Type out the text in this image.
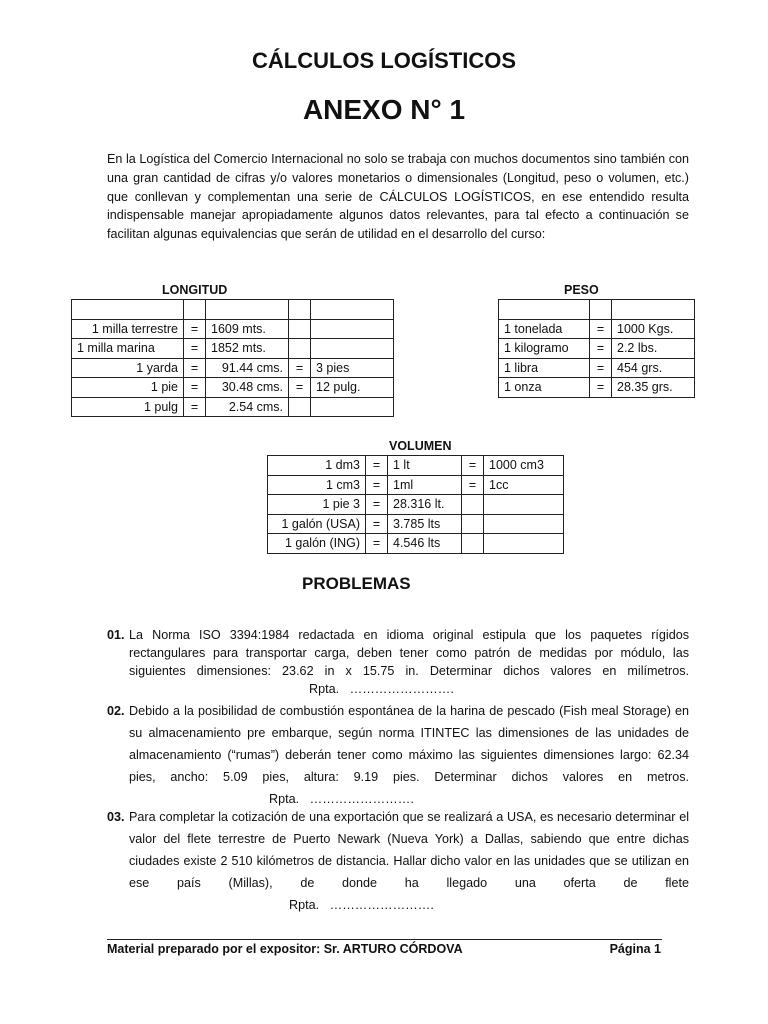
CÁLCULOS LOGÍSTICOS
ANEXO N° 1

En la Logística del Comercio Internacional no solo se trabaja con muchos documentos sino también con una gran cantidad de cifras y/o valores monetarios o dimensionales (Longitud, peso o volumen, etc.) que conllevan y complementan una serie de CÁLCULOS LOGÍSTICOS, en ese entendido resulta indispensable manejar apropiadamente algunos datos relevantes, para tal efecto a continuación se facilitan algunas equivalencias que serán de utilidad en el desarrollo del curso:

LONGITUD

1 milla terrestre	=	1609 mts.		
1 milla marina	=	1852 mts.		
1 yarda	=	91.44 cms.	=	3 pies
1 pie	=	30.48 cms.	=	12 pulg.
1 pulg	=	2.54 cms.		
PESO

1 tonelada	=	1000 Kgs.
1 kilogramo	=	2.2 lbs.
1 libra	=	454 grs.
1 onza	=	28.35 grs.
VOLUMEN
1 dm3	=	1 lt	=	1000 cm3
1 cm3	=	1ml	=	1cc
1 pie 3	=	28.316 lt.		
1 galón (USA)	=	3.785 lts		
1 galón (ING)	=	4.546 lts		
PROBLEMAS
01. La Norma ISO 3394:1984 redactada en idioma original estipula que los paquetes rígidos rectangulares para transportar carga, deben tener como patrón de medidas por módulo, las siguientes dimensiones: 23.62 in x 15.75 in. Determinar dichos valores en milímetros. Rpta.   …………………….
02. Debido a la posibilidad de combustión espontánea de la harina de pescado (Fish meal Storage) en su almacenamiento pre embarque, según norma ITINTEC las dimensiones de las unidades de almacenamiento (“rumas”) deberán tener como máximo las siguientes dimensiones largo: 62.34 pies, ancho: 5.09 pies, altura: 9.19 pies. Determinar dichos valores en metros. Rpta.   …………………….
03. Para completar la cotización de una exportación que se realizará a USA, es necesario determinar el valor del flete terrestre de Puerto Newark (Nueva York) a Dallas, sabiendo que entre dichas ciudades existe 2 510 kilómetros de distancia. Hallar dicho valor en las unidades que se utilizan en ese país (Millas), de donde ha llegado una oferta de flete Rpta.   …………………….
Material preparado por el expositor: Sr. ARTURO CÓRDOVA	Página 1
